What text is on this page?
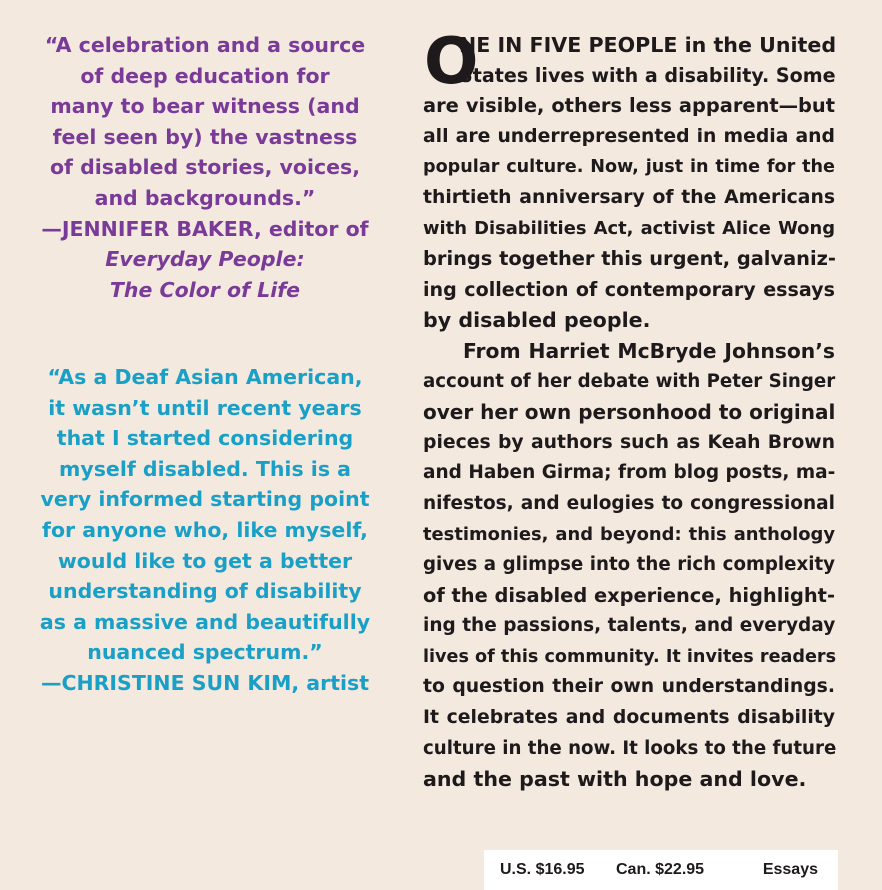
“A celebration and a source
of deep education for
many to bear witness (and
feel seen by) the vastness
of disabled stories, voices,
and backgrounds.”
—JENNIFER BAKER, editor of
Everyday People:
The Color of Life
“As a Deaf Asian American,
it wasn’t until recent years
that I started considering
myself disabled. This is a
very informed starting point
for anyone who, like myself,
would like to get a better
understanding of disability
as a massive and beautifully
nuanced spectrum.”
—CHRISTINE SUN KIM, artist
O
NE IN FIVE PEOPLE in the United
States lives with a disability. Some
are visible, others less apparent—but
all are underrepresented in media and
popular culture. Now, just in time for the
thirtieth anniversary of the Americans
with Disabilities Act, activist Alice Wong
brings together this urgent, galvaniz-
ing collection of contemporary essays
by disabled people.
From Harriet McBryde Johnson’s
account of her debate with Peter Singer
over her own personhood to original
pieces by authors such as Keah Brown
and Haben Girma; from blog posts, ma-
nifestos, and eulogies to congressional
testimonies, and beyond: this anthology
gives a glimpse into the rich complexity
of the disabled experience, highlight-
ing the passions, talents, and everyday
lives of this community. It invites readers
to question their own understandings.
It celebrates and documents disability
culture in the now. It looks to the future
and the past with hope and love.
U.S. $16.95 Can. $22.95	Essays
